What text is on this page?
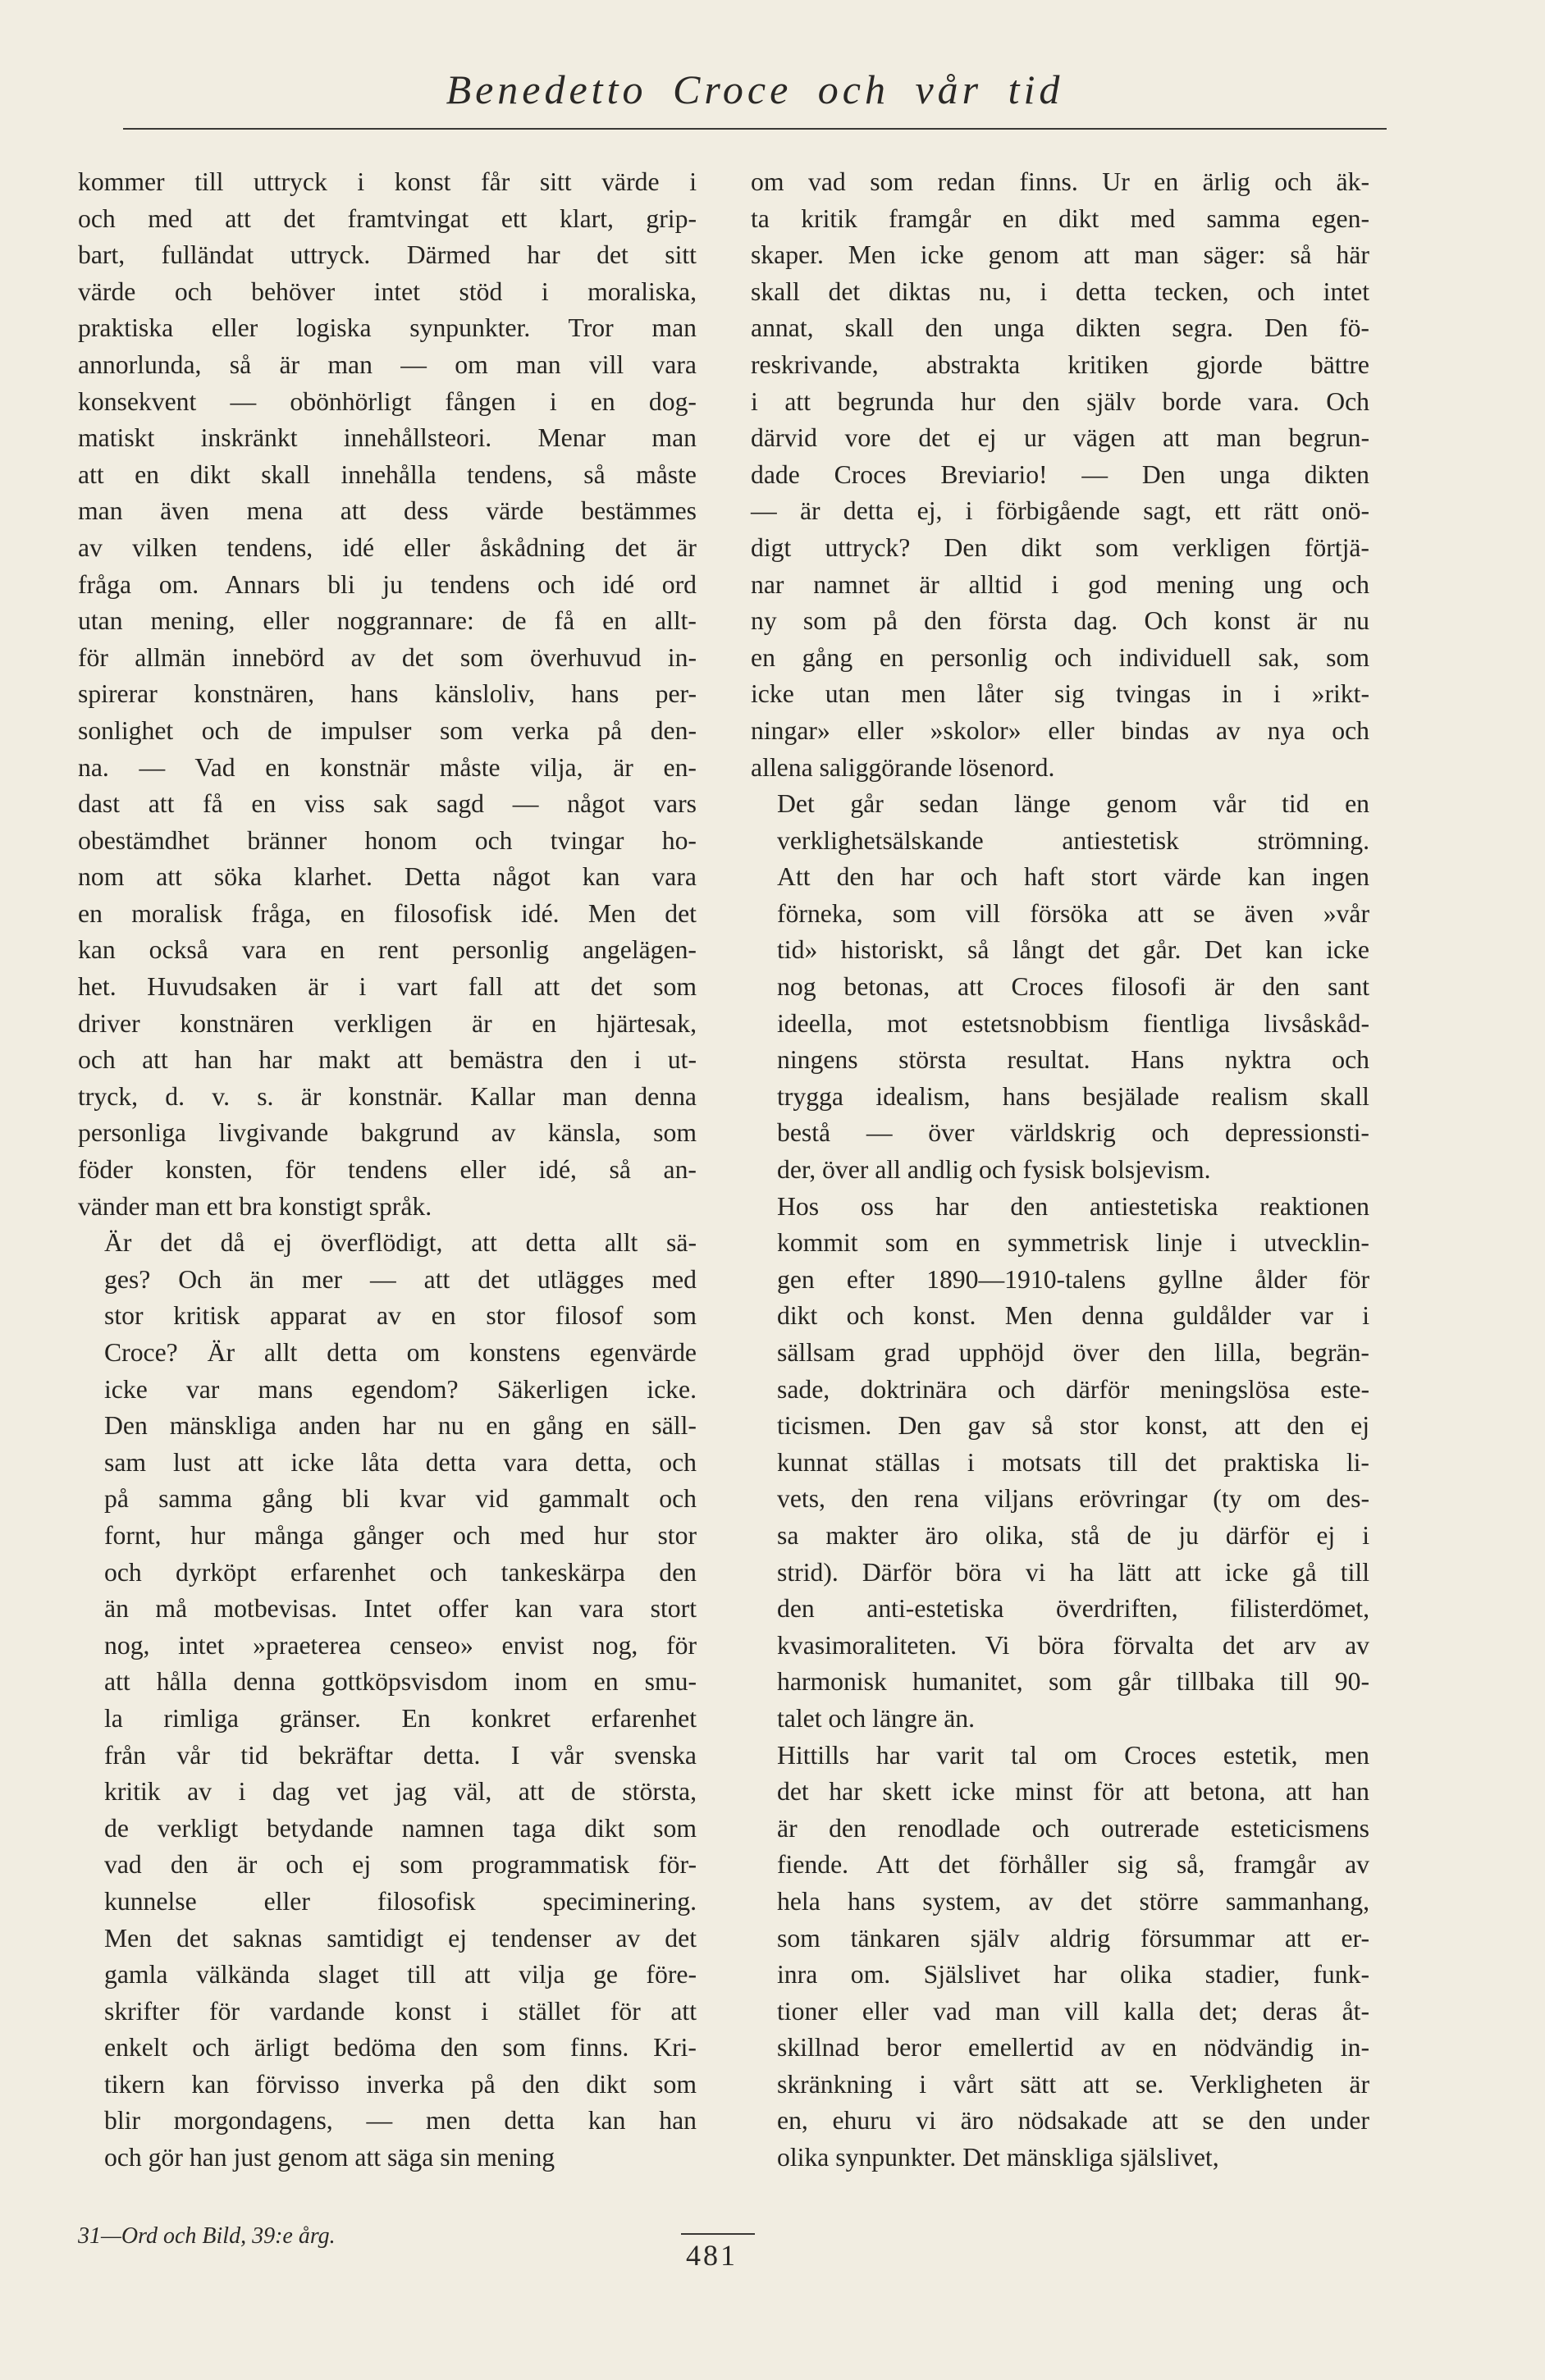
Benedetto Croce och vår tid

kommer till uttryck i konst får sitt värde i
och med att det framtvingat ett klart, grip-
bart, fulländat uttryck. Därmed har det sitt
värde och behöver intet stöd i moraliska,
praktiska eller logiska synpunkter. Tror man
annorlunda, så är man — om man vill vara
konsekvent — obönhörligt fången i en dog-
matiskt inskränkt innehållsteori. Menar man
att en dikt skall innehålla tendens, så måste
man även mena att dess värde bestämmes
av vilken tendens, idé eller åskådning det är
fråga om. Annars bli ju tendens och idé ord
utan mening, eller noggrannare: de få en allt-
för allmän innebörd av det som överhuvud in-
spirerar konstnären, hans känsloliv, hans per-
sonlighet och de impulser som verka på den-
na. — Vad en konstnär måste vilja, är en-
dast att få en viss sak sagd — något vars
obestämdhet bränner honom och tvingar ho-
nom att söka klarhet. Detta något kan vara
en moralisk fråga, en filosofisk idé. Men det
kan också vara en rent personlig angelägen-
het. Huvudsaken är i vart fall att det som
driver konstnären verkligen är en hjärtesak,
och att han har makt att bemästra den i ut-
tryck, d. v. s. är konstnär. Kallar man denna
personliga livgivande bakgrund av känsla, som
föder konsten, för tendens eller idé, så an-
vänder man ett bra konstigt språk.

Är det då ej överflödigt, att detta allt sä-
ges? Och än mer — att det utlägges med
stor kritisk apparat av en stor filosof som
Croce? Är allt detta om konstens egenvärde
icke var mans egendom? Säkerligen icke.
Den mänskliga anden har nu en gång en säll-
sam lust att icke låta detta vara detta, och
på samma gång bli kvar vid gammalt och
fornt, hur många gånger och med hur stor
och dyrköpt erfarenhet och tankeskärpa den
än må motbevisas. Intet offer kan vara stort
nog, intet »praeterea censeo» envist nog, för
att hålla denna gottköpsvisdom inom en smu-
la rimliga gränser. En konkret erfarenhet
från vår tid bekräftar detta. I vår svenska
kritik av i dag vet jag väl, att de största,
de verkligt betydande namnen taga dikt som
vad den är och ej som programmatisk för-
kunnelse eller filosofisk speciminering.
Men det saknas samtidigt ej tendenser av det
gamla välkända slaget till att vilja ge före-
skrifter för vardande konst i stället för att
enkelt och ärligt bedöma den som finns. Kri-
tikern kan förvisso inverka på den dikt som
blir morgondagens, — men detta kan han
och gör han just genom att säga sin mening

om vad som redan finns. Ur en ärlig och äk-
ta kritik framgår en dikt med samma egen-
skaper. Men icke genom att man säger: så här
skall det diktas nu, i detta tecken, och intet
annat, skall den unga dikten segra. Den fö-
reskrivande, abstrakta kritiken gjorde bättre
i att begrunda hur den själv borde vara. Och
därvid vore det ej ur vägen att man begrun-
dade Croces Breviario! — Den unga dikten
— är detta ej, i förbigående sagt, ett rätt onö-
digt uttryck? Den dikt som verkligen förtjä-
nar namnet är alltid i god mening ung och
ny som på den första dag. Och konst är nu
en gång en personlig och individuell sak, som
icke utan men låter sig tvingas in i »rikt-
ningar» eller »skolor» eller bindas av nya och
allena saliggörande lösenord.

Det går sedan länge genom vår tid en
verklighetsälskande antiestetisk strömning.
Att den har och haft stort värde kan ingen
förneka, som vill försöka att se även »vår
tid» historiskt, så långt det går. Det kan icke
nog betonas, att Croces filosofi är den sant
ideella, mot estetsnobbism fientliga livsåskåd-
ningens största resultat. Hans nyktra och
trygga idealism, hans besjälade realism skall
bestå — över världskrig och depressionsti-
der, över all andlig och fysisk bolsjevism.

Hos oss har den antiestetiska reaktionen
kommit som en symmetrisk linje i utvecklin-
gen efter 1890—1910-talens gyllne ålder för
dikt och konst. Men denna guldålder var i
sällsam grad upphöjd över den lilla, begrän-
sade, doktrinära och därför meningslösa este-
ticismen. Den gav så stor konst, att den ej
kunnat ställas i motsats till det praktiska li-
vets, den rena viljans erövringar (ty om des-
sa makter äro olika, stå de ju därför ej i
strid). Därför böra vi ha lätt att icke gå till
den anti-estetiska överdriften, filisterdömet,
kvasimoraliteten. Vi böra förvalta det arv av
harmonisk humanitet, som går tillbaka till 90-
talet och längre än.

Hittills har varit tal om Croces estetik, men
det har skett icke minst för att betona, att han
är den renodlade och outrerade esteticismens
fiende. Att det förhåller sig så, framgår av
hela hans system, av det större sammanhang,
som tänkaren själv aldrig försummar att er-
inra om. Själslivet har olika stadier, funk-
tioner eller vad man vill kalla det; deras åt-
skillnad beror emellertid av en nödvändig in-
skränkning i vårt sätt att se. Verkligheten är
en, ehuru vi äro nödsakade att se den under
olika synpunkter. Det mänskliga själslivet,

31—Ord och Bild, 39:e årg.
481
